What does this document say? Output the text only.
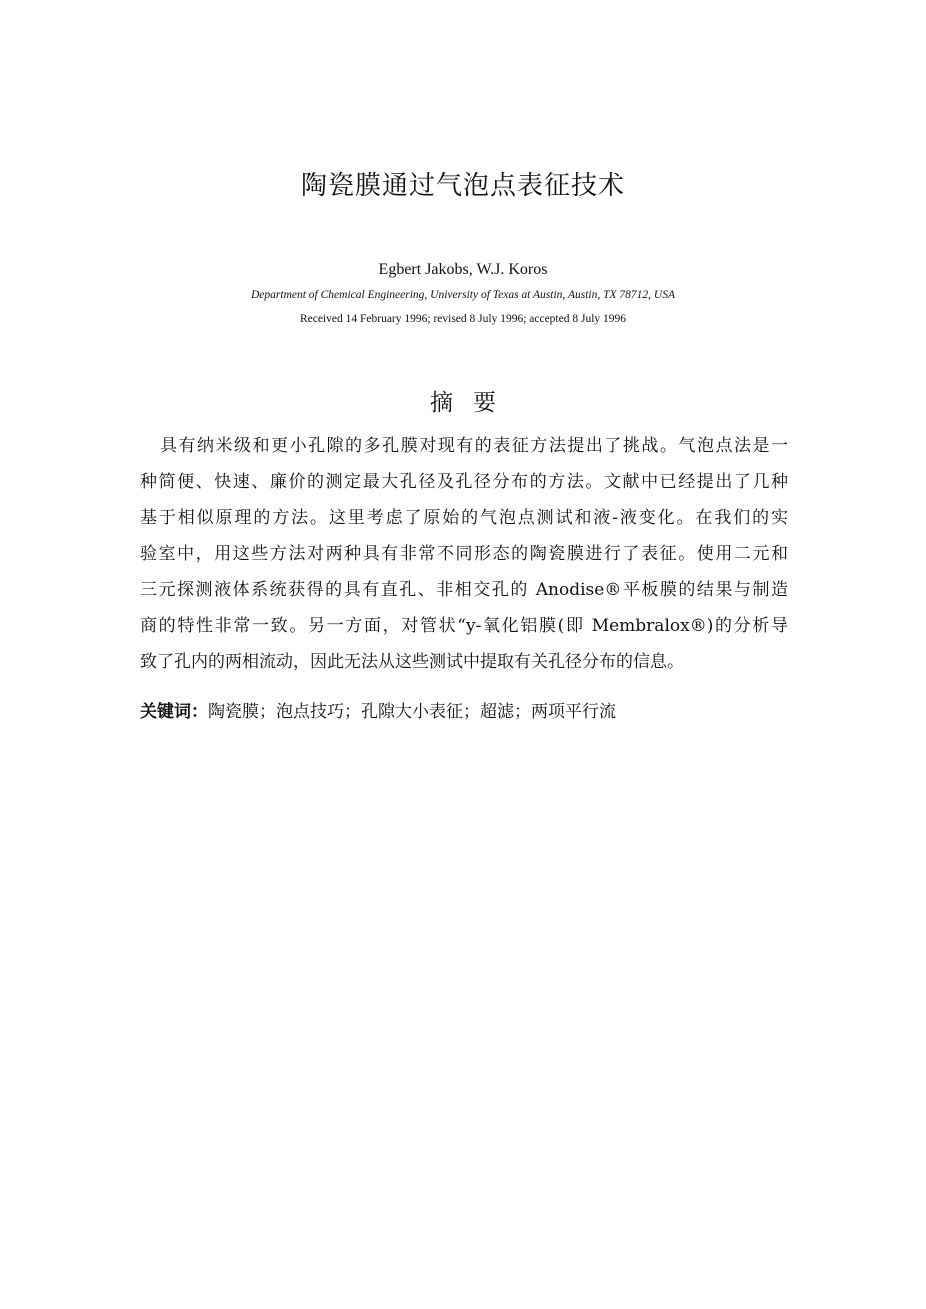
陶瓷膜通过气泡点表征技术
Egbert Jakobs, W.J. Koros
Department of Chemical Engineering, University of Texas at Austin, Austin, TX 78712, USA
Received 14 February 1996; revised 8 July 1996; accepted 8 July 1996
摘要
具有纳米级和更小孔隙的多孔膜对现有的表征方法提出了挑战。气泡点法是一
种简便、快速、廉价的测定最大孔径及孔径分布的方法。文献中已经提出了几种
基于相似原理的方法。这里考虑了原始的气泡点测试和液-液变化。在我们的实
验室中，用这些方法对两种具有非常不同形态的陶瓷膜进行了表征。使用二元和
三元探测液体系统获得的具有直孔、非相交孔的 Anodise®平板膜的结果与制造
商的特性非常一致。另一方面，对管状“y-氧化铝膜(即 Membralox®)的分析导
致了孔内的两相流动，因此无法从这些测试中提取有关孔径分布的信息。
关键词：陶瓷膜；泡点技巧；孔隙大小表征；超滤；两项平行流
